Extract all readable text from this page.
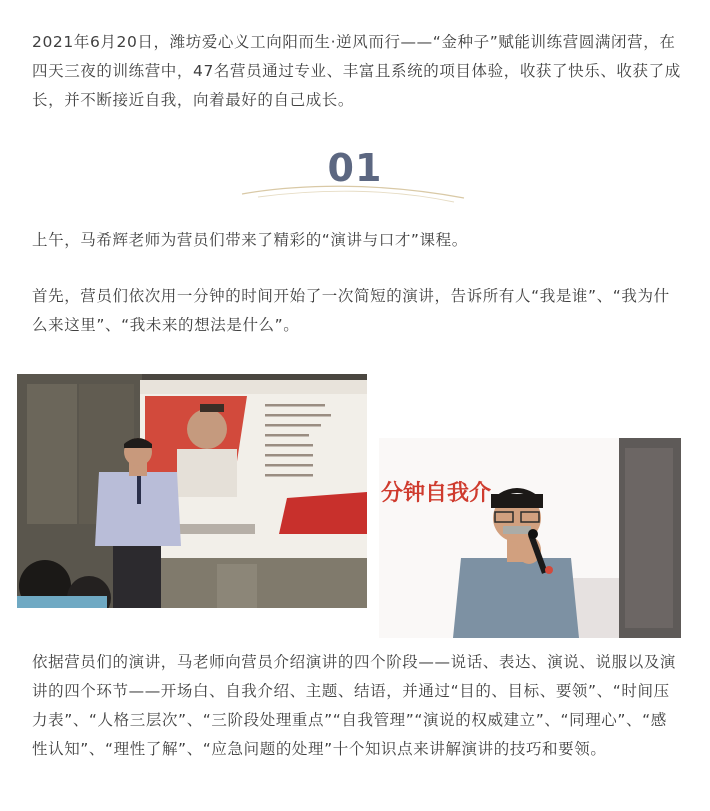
2021年6月20日，潍坊爱心义工向阳而生·逆风而行——“金种子”赋能训练营圆满闭营，在四天三夜的训练营中，47名营员通过专业、丰富且系统的项目体验，收获了快乐、收获了成长，并不断接近自我，向着最好的自己成长。

01

上午，马希辉老师为营员们带来了精彩的“演讲与口才”课程。

首先，营员们依次用一分钟的时间开始了一次简短的演讲，告诉所有人“我是谁”、“我为什么来这里”、“我未来的想法是什么”。

分钟自我介

依据营员们的演讲，马老师向营员介绍演讲的四个阶段——说话、表达、演说、说服以及演讲的四个环节——开场白、自我介绍、主题、结语，并通过“目的、目标、要领”、“时间压力表”、“人格三层次”、“三阶段处理重点”“自我管理”“演说的权威建立”、“同理心”、“感性认知”、“理性了解”、“应急问题的处理”十个知识点来讲解演讲的技巧和要领。
